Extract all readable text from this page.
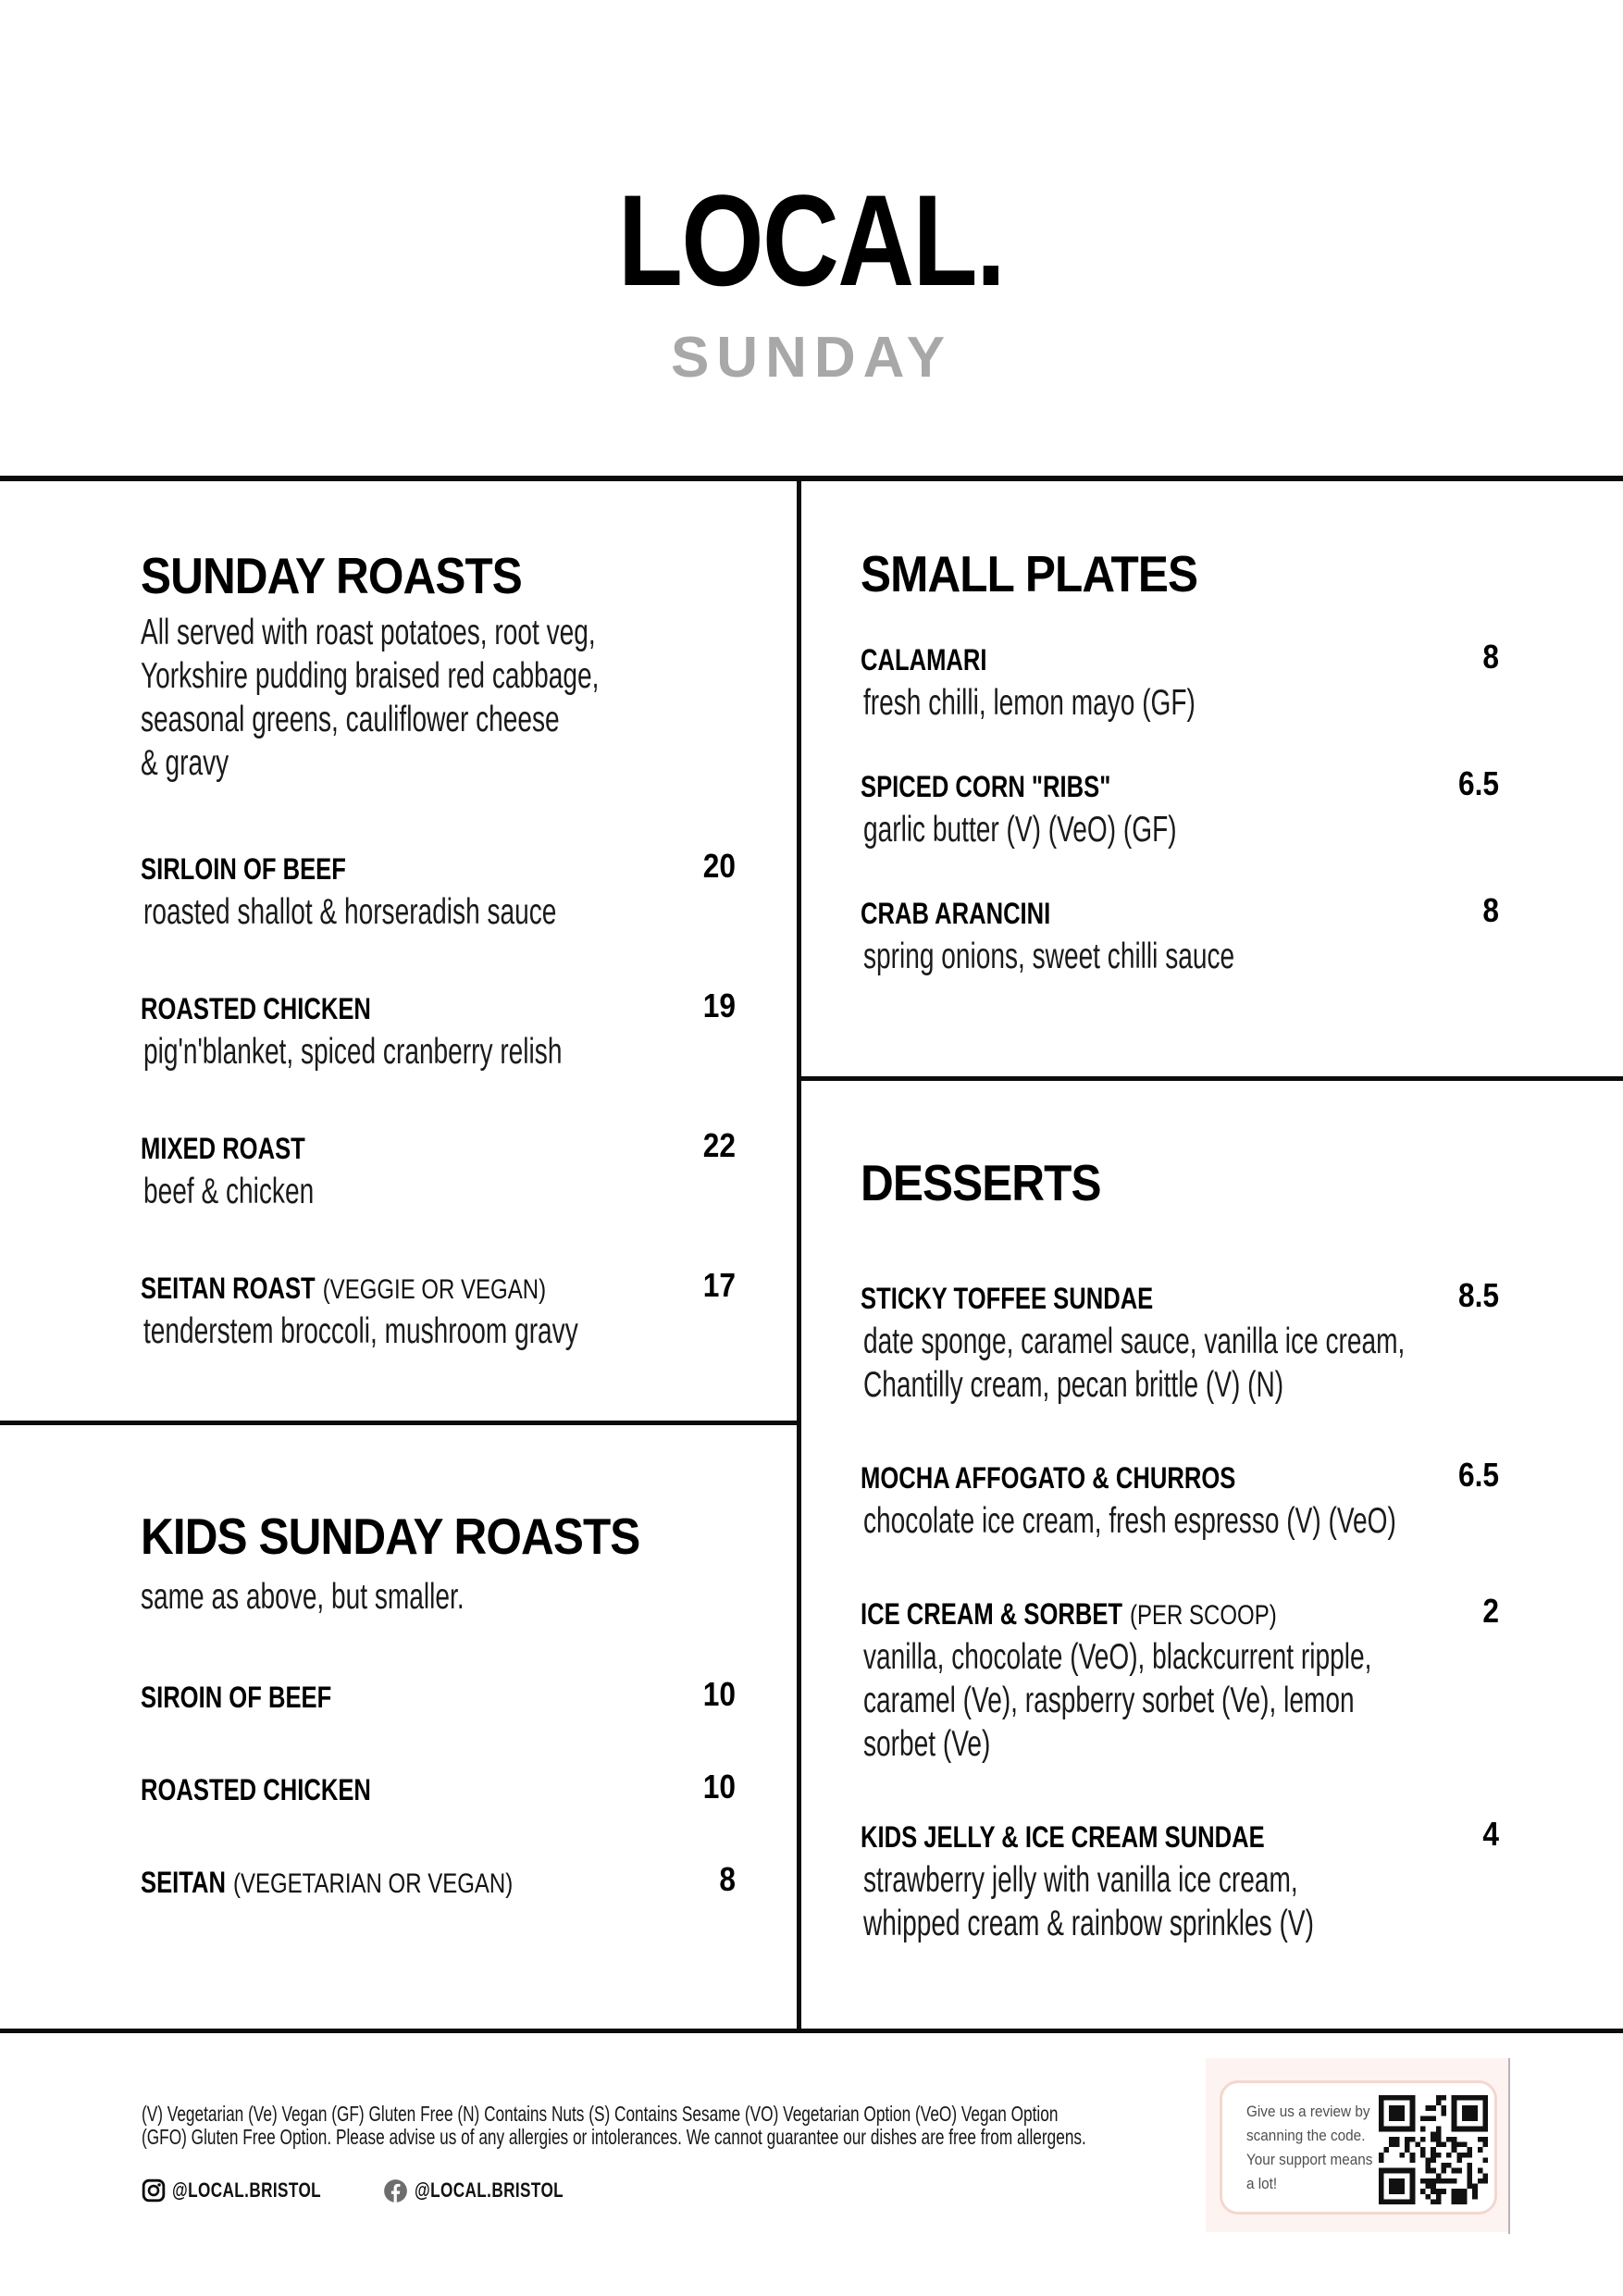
LOCAL.
SUNDAY
SUNDAY ROASTS
All served with roast potatoes, root veg,
Yorkshire pudding braised red cabbage,
seasonal greens, cauliflower cheese
& gravy
SIRLOIN OF BEEF	20
roasted shallot & horseradish sauce
ROASTED CHICKEN	19
pig'n'blanket, spiced cranberry relish
MIXED ROAST	22
beef & chicken
SEITAN ROAST (VEGGIE OR VEGAN)	17
tenderstem broccoli, mushroom gravy
KIDS SUNDAY ROASTS
same as above, but smaller.
SIROIN OF BEEF	10
ROASTED CHICKEN	10
SEITAN (VEGETARIAN OR VEGAN)	8
SMALL PLATES
CALAMARI	8
fresh chilli, lemon mayo (GF)
SPICED CORN "RIBS"	6.5
garlic butter (V) (VeO) (GF)
CRAB ARANCINI	8
spring onions, sweet chilli sauce
DESSERTS
STICKY TOFFEE SUNDAE	8.5
date sponge, caramel sauce, vanilla ice cream,
Chantilly cream, pecan brittle (V) (N)
MOCHA AFFOGATO & CHURROS	6.5
chocolate ice cream, fresh espresso (V) (VeO)
ICE CREAM & SORBET (PER SCOOP)	2
vanilla, chocolate (VeO), blackcurrent ripple,
caramel (Ve), raspberry sorbet (Ve), lemon
sorbet (Ve)
KIDS JELLY & ICE CREAM SUNDAE	4
strawberry jelly with vanilla ice cream,
whipped cream & rainbow sprinkles (V)
(V) Vegetarian (Ve) Vegan (GF) Gluten Free (N) Contains Nuts (S) Contains Sesame (VO) Vegetarian Option (VeO) Vegan Option
(GFO) Gluten Free Option. Please advise us of any allergies or intolerances. We cannot guarantee our dishes are free from allergens.
@LOCAL.BRISTOL	@LOCAL.BRISTOL
Give us a review by
scanning the code.
Your support means
a lot!
